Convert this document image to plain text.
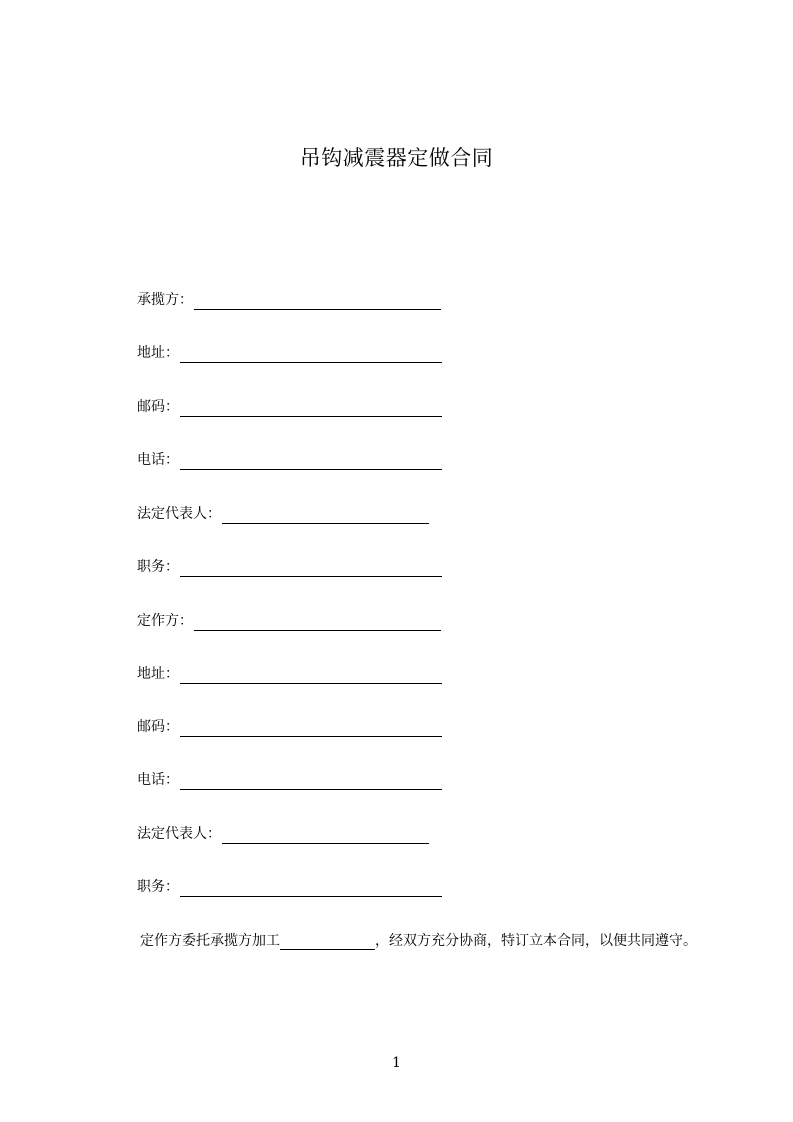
吊钩减震器定做合同
承揽方：
地址：
邮码：
电话：
法定代表人：
职务：
定作方：
地址：
邮码：
电话：
法定代表人：
职务：
定作方委托承揽方加工	，经双方充分协商，特订立本合同，以便共同遵守。
1
